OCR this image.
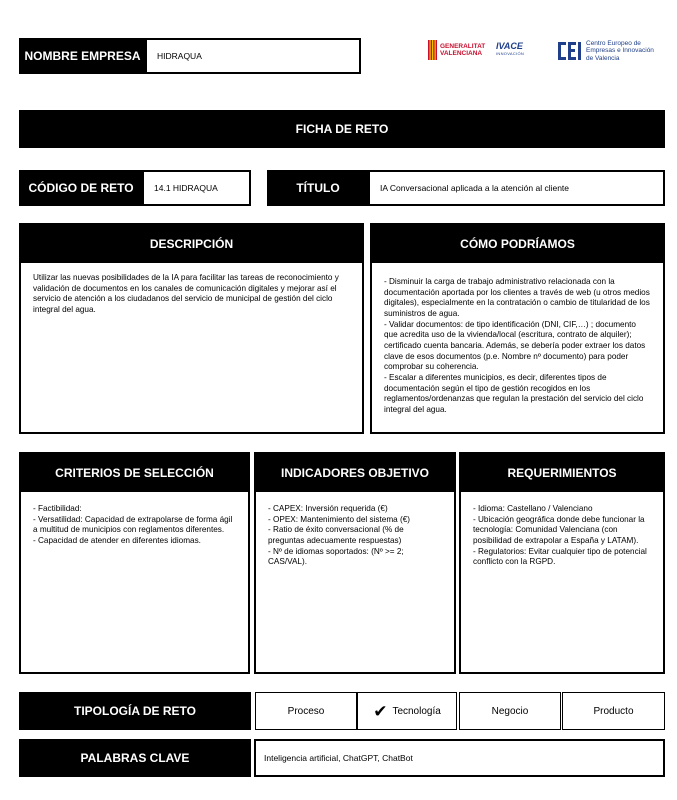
NOMBRE EMPRESA HIDRAQUA
GENERALITAT
VALENCIANA
IVACE
INNOVACIÓN
Centro Europeo de
Empresas e Innovación
de Valencia
FICHA DE RETO
CÓDIGO DE RETO 14.1 HIDRAQUA	TÍTULO	IA Conversacional aplicada a la atención al cliente
DESCRIPCIÓN
Utilizar las nuevas posibilidades de la IA para facilitar las tareas de reconocimiento y validación de documentos en los canales de comunicación digitales y mejorar así el servicio de atención a los ciudadanos del servicio de municipal de gestión del ciclo integral del agua.
CÓMO PODRÍAMOS
- Disminuir la carga de trabajo administrativo relacionada con la documentación aportada por los clientes a través de web (u otros medios digitales), especialmente en la contratación o cambio de titularidad de los suministros de agua.
- Validar documentos: de tipo identificación (DNI, CIF,…) ; documento que acredita uso de la vivienda/local (escritura, contrato de alquiler); certificado cuenta bancaria. Además, se debería poder extraer los datos clave de esos documentos (p.e. Nombre nº documento) para poder comprobar su coherencia.
- Escalar a diferentes municipios, es decir, diferentes tipos de documentación según el tipo de gestión recogidos en los reglamentos/ordenanzas que regulan la prestación del servicio del ciclo integral del agua.
CRITERIOS DE SELECCIÓN
- Factibilidad:
- Versatilidad: Capacidad de extrapolarse de forma ágil a multitud de municipios con reglamentos diferentes.
- Capacidad de atender en diferentes idiomas.
INDICADORES OBJETIVO
- CAPEX: Inversión requerida (€)
- OPEX: Mantenimiento del sistema (€)
- Ratio de éxito conversacional (% de preguntas adecuamente respuestas)
- Nº de idiomas soportados: (Nº >= 2; CAS/VAL).
REQUERIMIENTOS
- Idioma: Castellano / Valenciano
- Ubicación geográfica donde debe funcionar la tecnología: Comunidad Valenciana (con posibilidad de extrapolar a España y LATAM).
- Regulatorios: Evitar cualquier tipo de potencial conflicto con la RGPD.
TIPOLOGÍA DE RETO	Proceso	✔ Tecnología	Negocio	Producto
PALABRAS CLAVE	Inteligencia artificial, ChatGPT, ChatBot
